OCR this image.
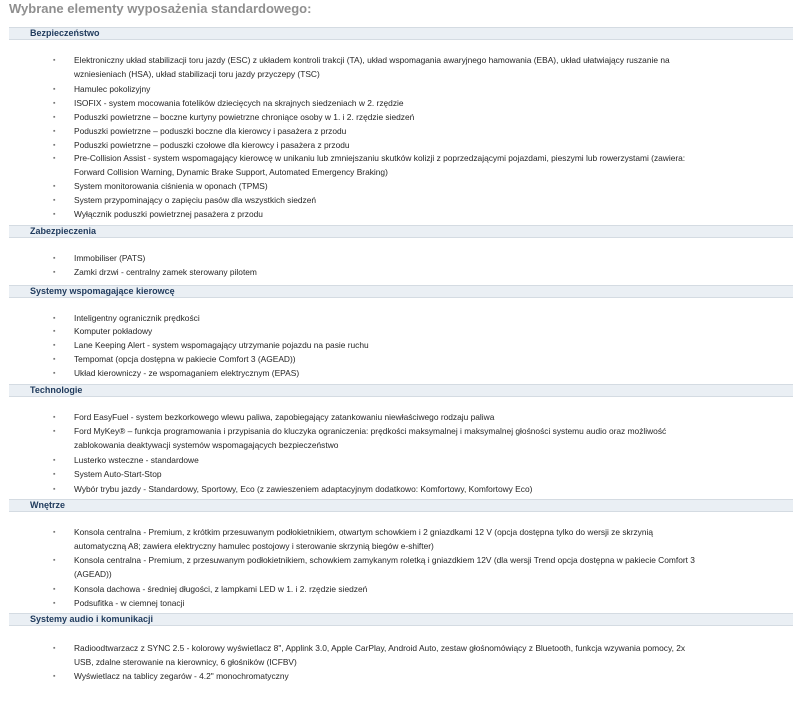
Wybrane elementy wyposażenia standardowego:
Bezpieczeństwo
▪ Elektroniczny układ stabilizacji toru jazdy (ESC) z układem kontroli trakcji (TA), układ wspomagania awaryjnego hamowania (EBA), układ ułatwiający ruszanie na
wzniesieniach (HSA), układ stabilizacji toru jazdy przyczepy (TSC)
▪ Hamulec pokolizyjny
▪ ISOFIX - system mocowania fotelików dziecięcych na skrajnych siedzeniach w 2. rzędzie
▪ Poduszki powietrzne – boczne kurtyny powietrzne chroniące osoby w 1. i 2. rzędzie siedzeń
▪ Poduszki powietrzne – poduszki boczne dla kierowcy i pasażera z przodu
▪ Poduszki powietrzne – poduszki czołowe dla kierowcy i pasażera z przodu
▪ Pre-Collision Assist - system wspomagający kierowcę w unikaniu lub zmniejszaniu skutków kolizji z poprzedzającymi pojazdami, pieszymi lub rowerzystami (zawiera:
Forward Collision Warning, Dynamic Brake Support, Automated Emergency Braking)
▪ System monitorowania ciśnienia w oponach (TPMS)
▪ System przypominający o zapięciu pasów dla wszystkich siedzeń
▪ Wyłącznik poduszki powietrznej pasażera z przodu
Zabezpieczenia
▪ Immobiliser (PATS)
▪ Zamki drzwi - centralny zamek sterowany pilotem
Systemy wspomagające kierowcę
▪ Inteligentny ogranicznik prędkości
▪ Komputer pokładowy
▪ Lane Keeping Alert - system wspomagający utrzymanie pojazdu na pasie ruchu
▪ Tempomat (opcja dostępna w pakiecie Comfort 3 (AGEAD))
▪ Układ kierowniczy - ze wspomaganiem elektrycznym (EPAS)
Technologie
▪ Ford EasyFuel - system bezkorkowego wlewu paliwa, zapobiegający zatankowaniu niewłaściwego rodzaju paliwa
▪ Ford MyKey® – funkcja programowania i przypisania do kluczyka ograniczenia: prędkości maksymalnej i maksymalnej głośności systemu audio oraz możliwość
zablokowania deaktywacji systemów wspomagających bezpieczeństwo
▪ Lusterko wsteczne - standardowe
▪ System Auto-Start-Stop
▪ Wybór trybu jazdy - Standardowy, Sportowy, Eco (z zawieszeniem adaptacyjnym dodatkowo: Komfortowy, Komfortowy Eco)
Wnętrze
▪ Konsola centralna - Premium, z krótkim przesuwanym podłokietnikiem, otwartym schowkiem i 2 gniazdkami 12 V (opcja dostępna tylko do wersji ze skrzynią
automatyczną A8; zawiera elektryczny hamulec postojowy i sterowanie skrzynią biegów e-shifter)
▪ Konsola centralna - Premium, z przesuwanym podłokietnikiem, schowkiem zamykanym roletką i gniazdkiem 12V (dla wersji Trend opcja dostępna w pakiecie Comfort 3
(AGEAD))
▪ Konsola dachowa - średniej długości, z lampkami LED w 1. i 2. rzędzie siedzeń
▪ Podsufitka - w ciemnej tonacji
Systemy audio i komunikacji
▪ Radioodtwarzacz z SYNC 2.5 - kolorowy wyświetlacz 8", Applink 3.0, Apple CarPlay, Android Auto, zestaw głośnomówiący z Bluetooth, funkcja wzywania pomocy, 2x
USB, zdalne sterowanie na kierownicy, 6 głośników (ICFBV)
▪ Wyświetlacz na tablicy zegarów - 4.2" monochromatyczny
